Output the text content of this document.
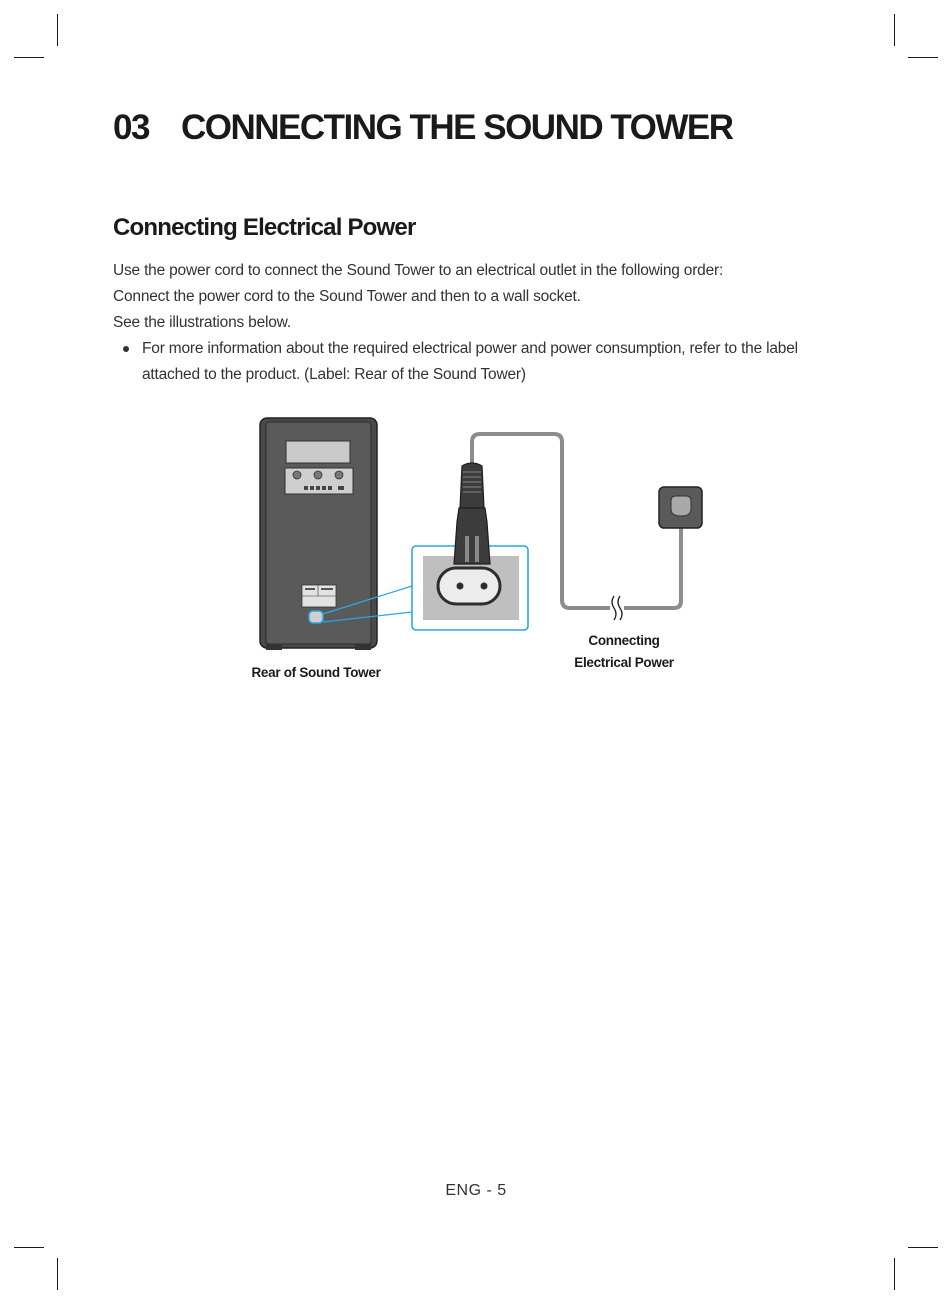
03 CONNECTING THE SOUND TOWER
Connecting Electrical Power
Use the power cord to connect the Sound Tower to an electrical outlet in the following order:
Connect the power cord to the Sound Tower and then to a wall socket.
See the illustrations below.
For more information about the required electrical power and power consumption, refer to the label attached to the product. (Label: Rear of the Sound Tower)
Rear of Sound Tower
Connecting
Electrical Power
ENG - 5
